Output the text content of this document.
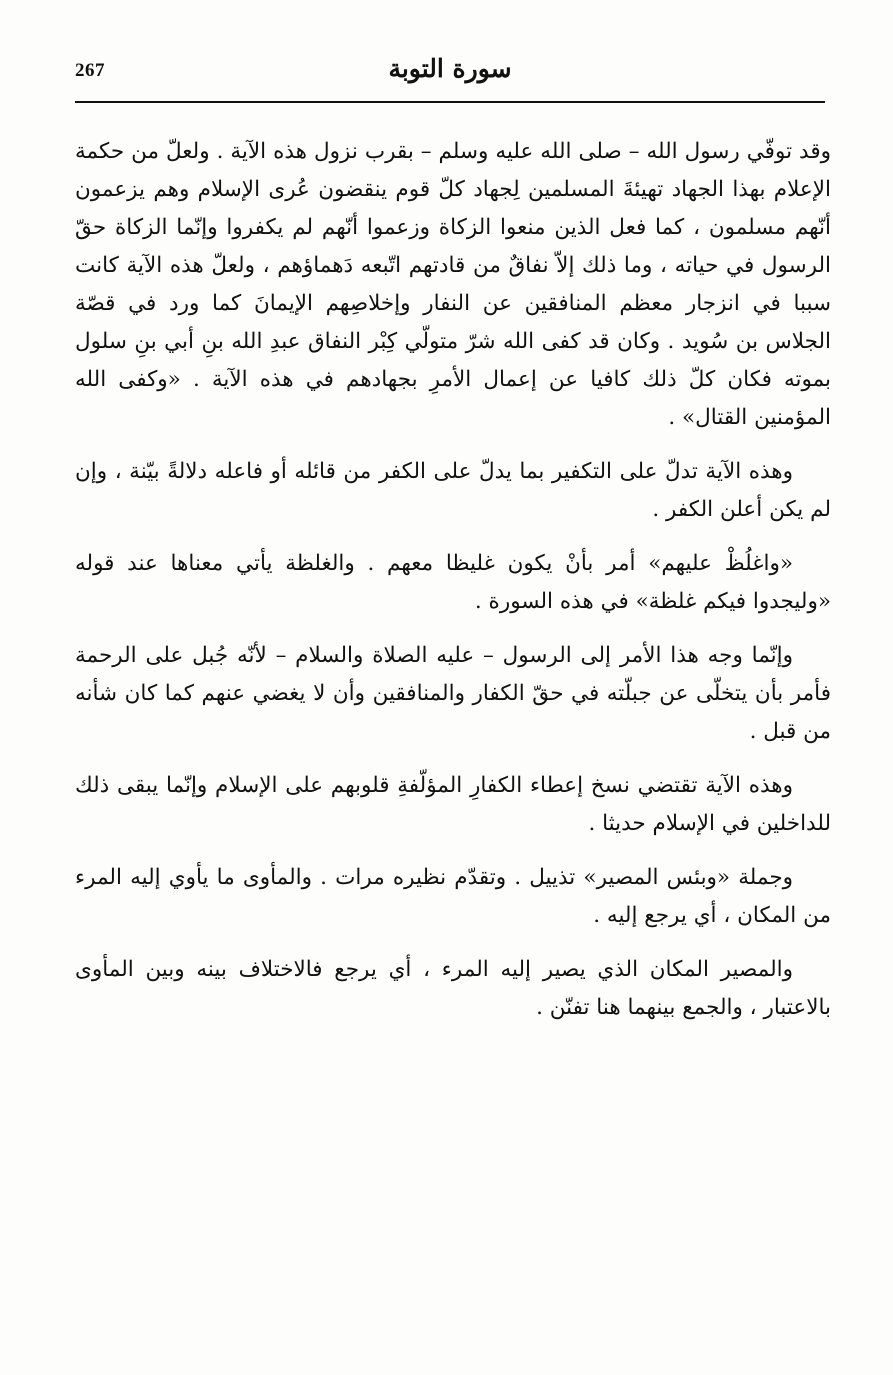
267	سورة التوبة

وقد توفّي رسول الله – صلى الله عليه وسلم – بقرب نزول هذه الآية . ولعلّ من حكمة الإعلام بهذا الجهاد تهيئةَ المسلمين لِجهاد كلّ قوم ينقضون عُرى الإسلام وهم يزعمون أنّهم مسلمون ، كما فعل الذين منعوا الزكاة وزعموا أنّهم لم يكفروا وإنّما الزكاة حقّ الرسول في حياته ، وما ذلك إلاّ نفاقٌ من قادتهم اتّبعه دَهماؤهم ، ولعلّ هذه الآية كانت سببا في انزجار معظم المنافقين عن النفار وإخلاصِهم الإيمانَ كما ورد في قصّة الجلاس بن سُويد . وكان قد كفى الله شرّ متولّي كِبْر النفاق عبدِ الله بنِ أبي بنِ سلول بموته فكان كلّ ذلك كافيا عن إعمال الأمرِ بجهادهم في هذه الآية . «وكفى الله المؤمنين القتال» .

وهذه الآية تدلّ على التكفير بما يدلّ على الكفر من قائله أو فاعله دلالةً بيّنة ، وإن لم يكن أعلن الكفر .

«واغلُظْ عليهم» أمر بأنْ يكون غليظا معهم . والغلظة يأتي معناها عند قوله «وليجدوا فيكم غلظة» في هذه السورة .

وإنّما وجه هذا الأمر إلى الرسول – عليه الصلاة والسلام – لأنّه جُبل على الرحمة فأمر بأن يتخلّى عن جبلّته في حقّ الكفار والمنافقين وأن لا يغضي عنهم كما كان شأنه من قبل .

وهذه الآية تقتضي نسخ إعطاء الكفارِ المؤلّفةِ قلوبهم على الإسلام وإنّما يبقى ذلك للداخلين في الإسلام حديثا .

وجملة «وبئس المصير» تذييل . وتقدّم نظيره مرات . والمأوى ما يأوي إليه المرء من المكان ، أي يرجع إليه .

والمصير المكان الذي يصير إليه المرء ، أي يرجع فالاختلاف بينه وبين المأوى بالاعتبار ، والجمع بينهما هنا تفنّن .
